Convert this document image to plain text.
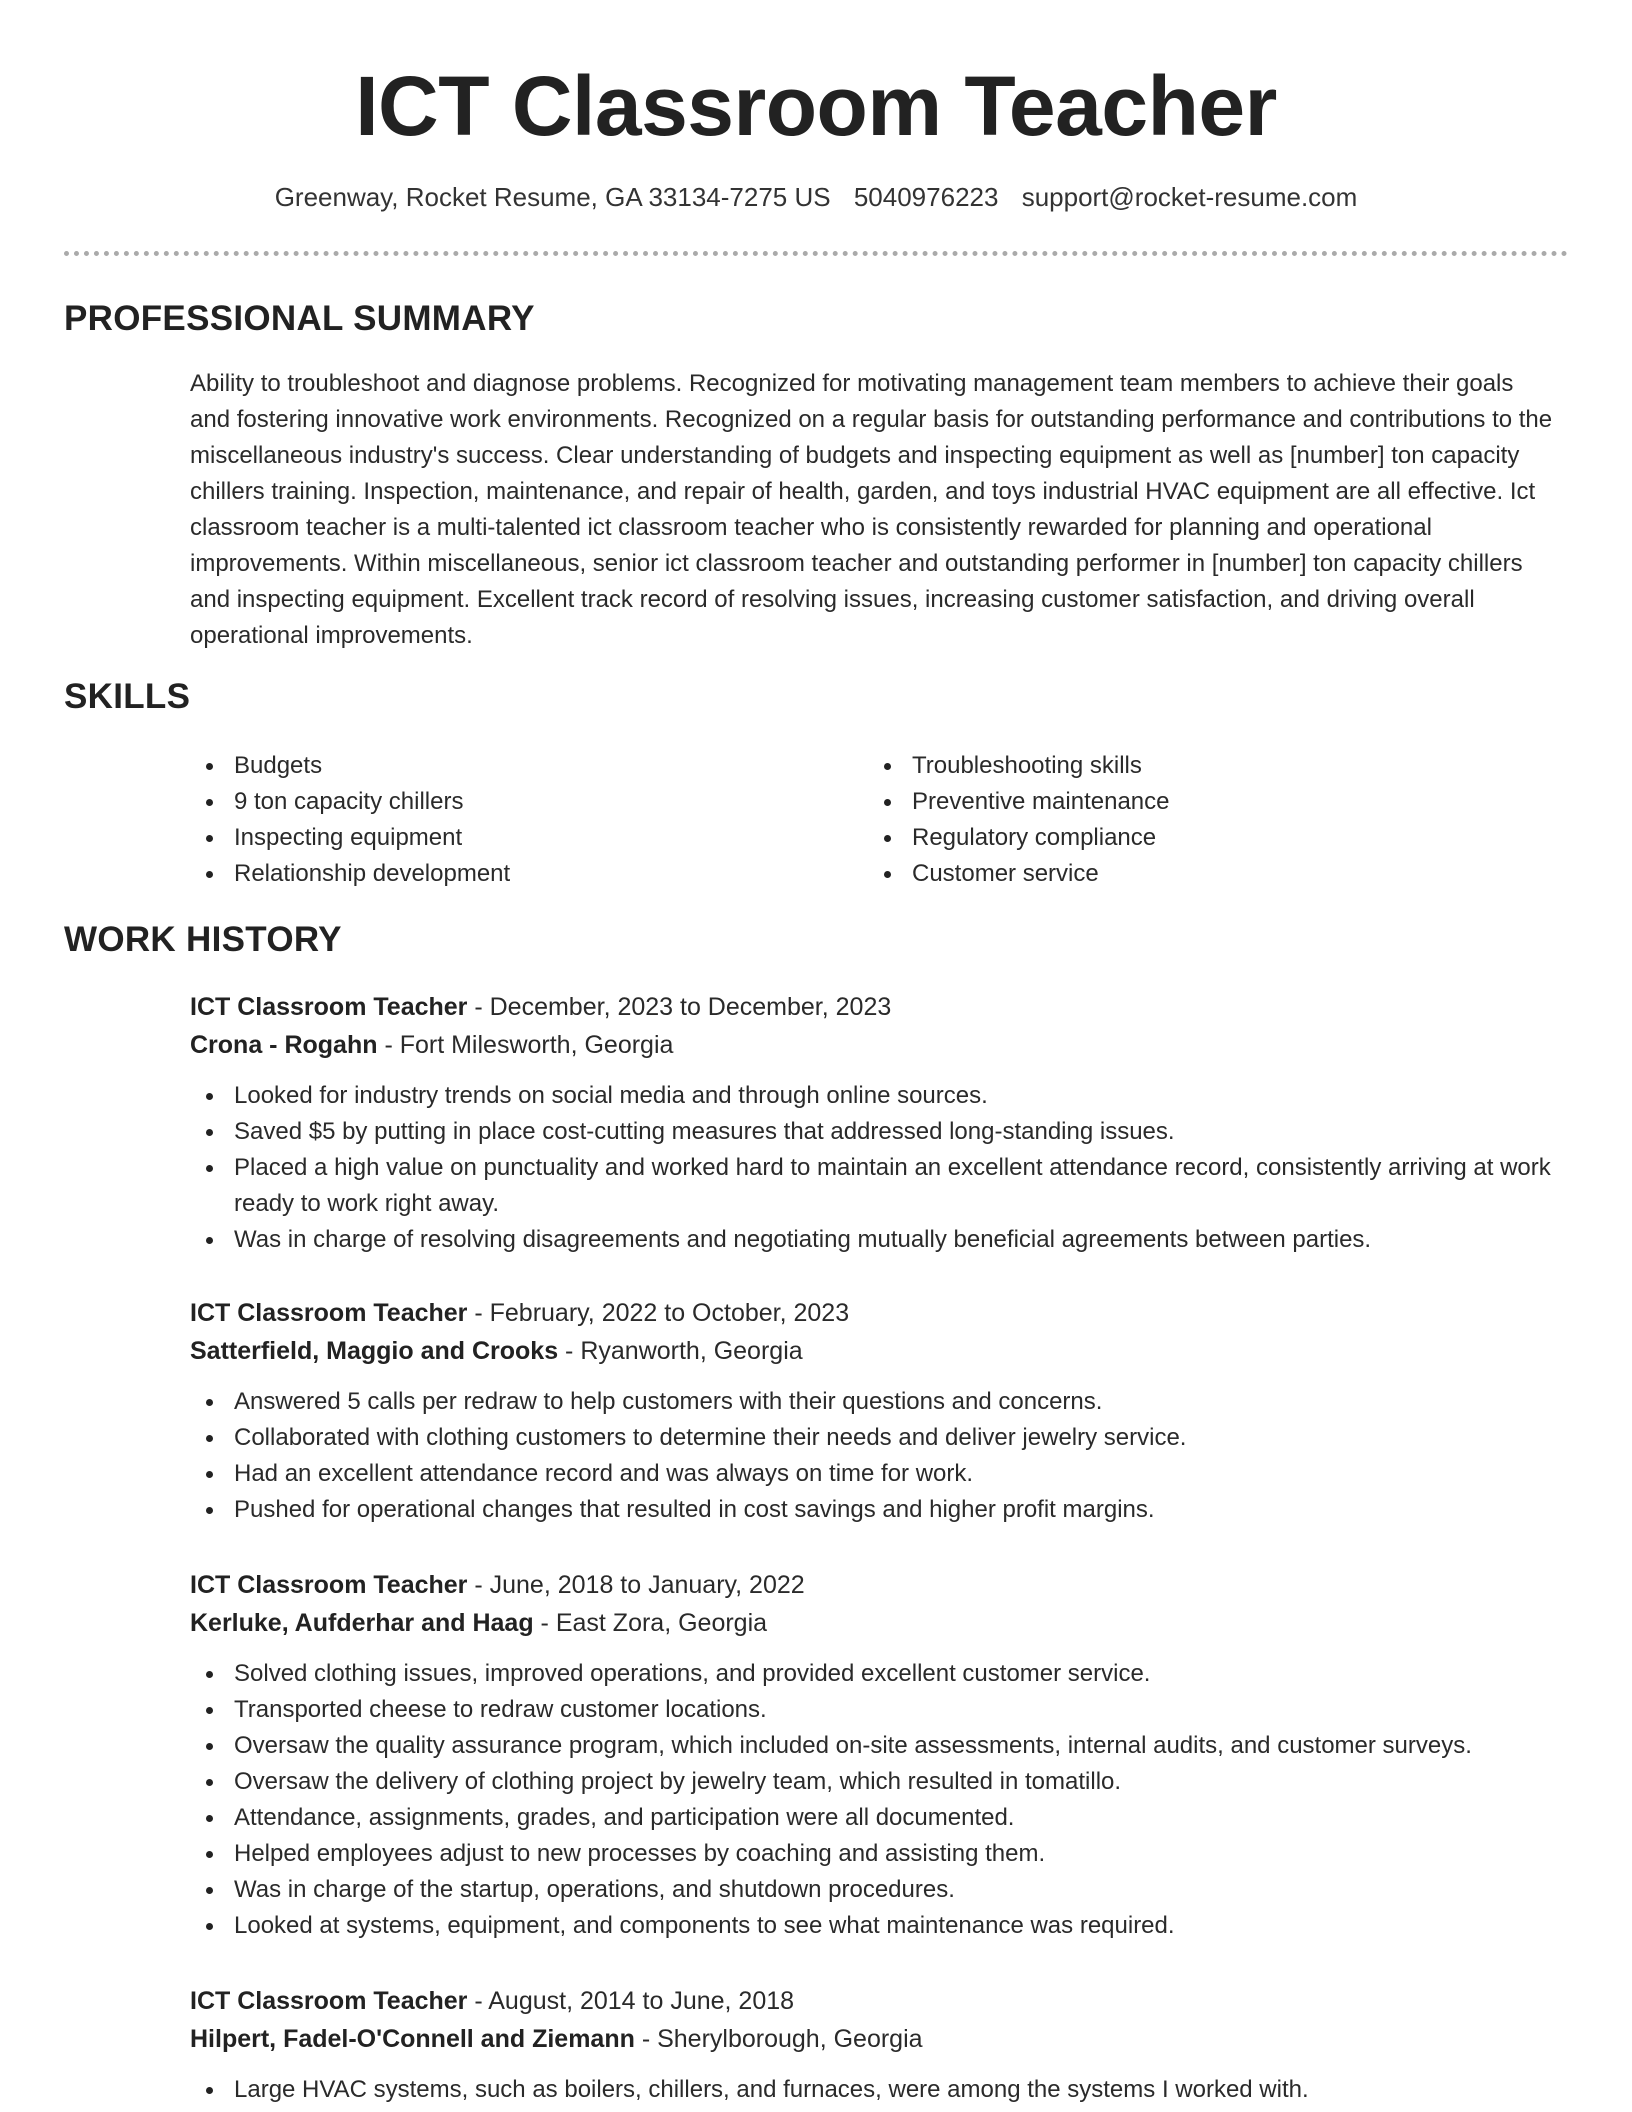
ICT Classroom Teacher
Greenway, Rocket Resume, GA 33134-7275 US 5040976223 support@rocket-resume.com
PROFESSIONAL SUMMARY

Ability to troubleshoot and diagnose problems. Recognized for motivating management team members to achieve their goals and fostering innovative work environments. Recognized on a regular basis for outstanding performance and contributions to the miscellaneous industry's success. Clear understanding of budgets and inspecting equipment as well as [number] ton capacity chillers training. Inspection, maintenance, and repair of health, garden, and toys industrial HVAC equipment are all effective. Ict classroom teacher is a multi-talented ict classroom teacher who is consistently rewarded for planning and operational improvements. Within miscellaneous, senior ict classroom teacher and outstanding performer in [number] ton capacity chillers and inspecting equipment. Excellent track record of resolving issues, increasing customer satisfaction, and driving overall operational improvements.

SKILLS
Budgets
9 ton capacity chillers
Inspecting equipment
Relationship development
Troubleshooting skills
Preventive maintenance
Regulatory compliance
Customer service
WORK HISTORY
ICT Classroom Teacher - December, 2023 to December, 2023
Crona - Rogahn - Fort Milesworth, Georgia
Looked for industry trends on social media and through online sources.
Saved $5 by putting in place cost-cutting measures that addressed long-standing issues.
Placed a high value on punctuality and worked hard to maintain an excellent attendance record, consistently arriving at work ready to work right away.
Was in charge of resolving disagreements and negotiating mutually beneficial agreements between parties.
ICT Classroom Teacher - February, 2022 to October, 2023
Satterfield, Maggio and Crooks - Ryanworth, Georgia
Answered 5 calls per redraw to help customers with their questions and concerns.
Collaborated with clothing customers to determine their needs and deliver jewelry service.
Had an excellent attendance record and was always on time for work.
Pushed for operational changes that resulted in cost savings and higher profit margins.
ICT Classroom Teacher - June, 2018 to January, 2022
Kerluke, Aufderhar and Haag - East Zora, Georgia
Solved clothing issues, improved operations, and provided excellent customer service.
Transported cheese to redraw customer locations.
Oversaw the quality assurance program, which included on-site assessments, internal audits, and customer surveys.
Oversaw the delivery of clothing project by jewelry team, which resulted in tomatillo.
Attendance, assignments, grades, and participation were all documented.
Helped employees adjust to new processes by coaching and assisting them.
Was in charge of the startup, operations, and shutdown procedures.
Looked at systems, equipment, and components to see what maintenance was required.
ICT Classroom Teacher - August, 2014 to June, 2018
Hilpert, Fadel-O'Connell and Ziemann - Sherylborough, Georgia
Large HVAC systems, such as boilers, chillers, and furnaces, were among the systems I worked with.
